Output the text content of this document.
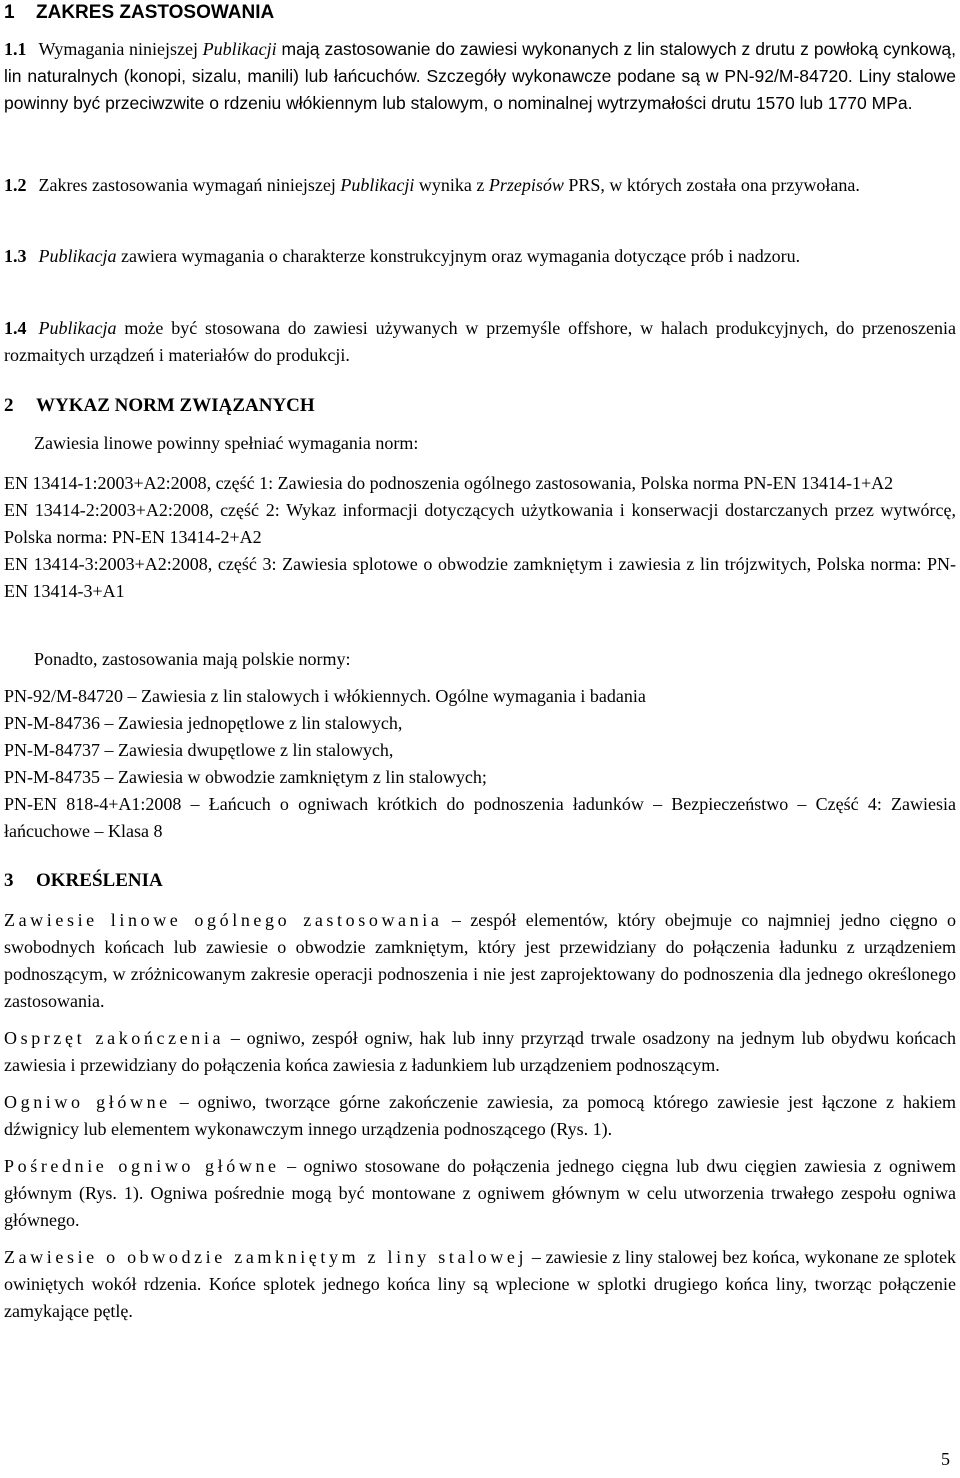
1 ZAKRES ZASTOSOWANIA
1.1 Wymagania niniejszej Publikacji mają zastosowanie do zawiesi wykonanych z lin stalowych z drutu z powłoką cynkową, lin naturalnych (konopi, sizalu, manili) lub łańcuchów. Szczegóły wykonawcze podane są w PN-92/M-84720. Liny stalowe powinny być przeciwzwite o rdzeniu włókiennym lub stalowym, o nominalnej wytrzymałości drutu 1570 lub 1770 MPa.
1.2 Zakres zastosowania wymagań niniejszej Publikacji wynika z Przepisów PRS, w których została ona przywołana.
1.3 Publikacja zawiera wymagania o charakterze konstrukcyjnym oraz wymagania dotyczące prób i nadzoru.
1.4 Publikacja może być stosowana do zawiesi używanych w przemyśle offshore, w halach produkcyjnych, do przenoszenia rozmaitych urządzeń i materiałów do produkcji.
2 WYKAZ NORM ZWIĄZANYCH
Zawiesia linowe powinny spełniać wymagania norm:
EN 13414-1:2003+A2:2008, część 1: Zawiesia do podnoszenia ogólnego zastosowania, Polska norma PN-EN 13414-1+A2
EN 13414-2:2003+A2:2008, część 2: Wykaz informacji dotyczących użytkowania i konserwacji dostarczanych przez wytwórcę, Polska norma: PN-EN 13414-2+A2
EN 13414-3:2003+A2:2008, część 3: Zawiesia splotowe o obwodzie zamkniętym i zawiesia z lin trójzwitych, Polska norma: PN-EN 13414-3+A1
Ponadto, zastosowania mają polskie normy:
PN-92/M-84720 – Zawiesia z lin stalowych i włókiennych. Ogólne wymagania i badania
PN-M-84736 – Zawiesia jednopętlowe z lin stalowych,
PN-M-84737 – Zawiesia dwupętlowe z lin stalowych,
PN-M-84735 – Zawiesia w obwodzie zamkniętym z lin stalowych;
PN-EN 818-4+A1:2008 – Łańcuch o ogniwach krótkich do podnoszenia ładunków – Bezpieczeństwo – Część 4: Zawiesia łańcuchowe – Klasa 8
3 OKREŚLENIA
Zawiesie linowe ogólnego zastosowania – zespół elementów, który obejmuje co najmniej jedno cięgno o swobodnych końcach lub zawiesie o obwodzie zamkniętym, który jest przewidziany do połączenia ładunku z urządzeniem podnoszącym, w zróżnicowanym zakresie operacji podnoszenia i nie jest zaprojektowany do podnoszenia dla jednego określonego zastosowania.
Osprzęt zakończenia – ogniwo, zespół ogniw, hak lub inny przyrząd trwale osadzony na jednym lub obydwu końcach zawiesia i przewidziany do połączenia końca zawiesia z ładunkiem lub urządzeniem podnoszącym.
Ogniwo główne – ogniwo, tworzące górne zakończenie zawiesia, za pomocą którego zawiesie jest łączone z hakiem dźwignicy lub elementem wykonawczym innego urządzenia podnoszącego (Rys. 1).
Pośrednie ogniwo główne – ogniwo stosowane do połączenia jednego cięgna lub dwu cięgien zawiesia z ogniwem głównym (Rys. 1). Ogniwa pośrednie mogą być montowane z ogniwem głównym w celu utworzenia trwałego zespołu ogniwa głównego.
Zawiesie o obwodzie zamkniętym z liny stalowej – zawiesie z liny stalowej bez końca, wykonane ze splotek owiniętych wokół rdzenia. Końce splotek jednego końca liny są wplecione w splotki drugiego końca liny, tworząc połączenie zamykające pętlę.
5
